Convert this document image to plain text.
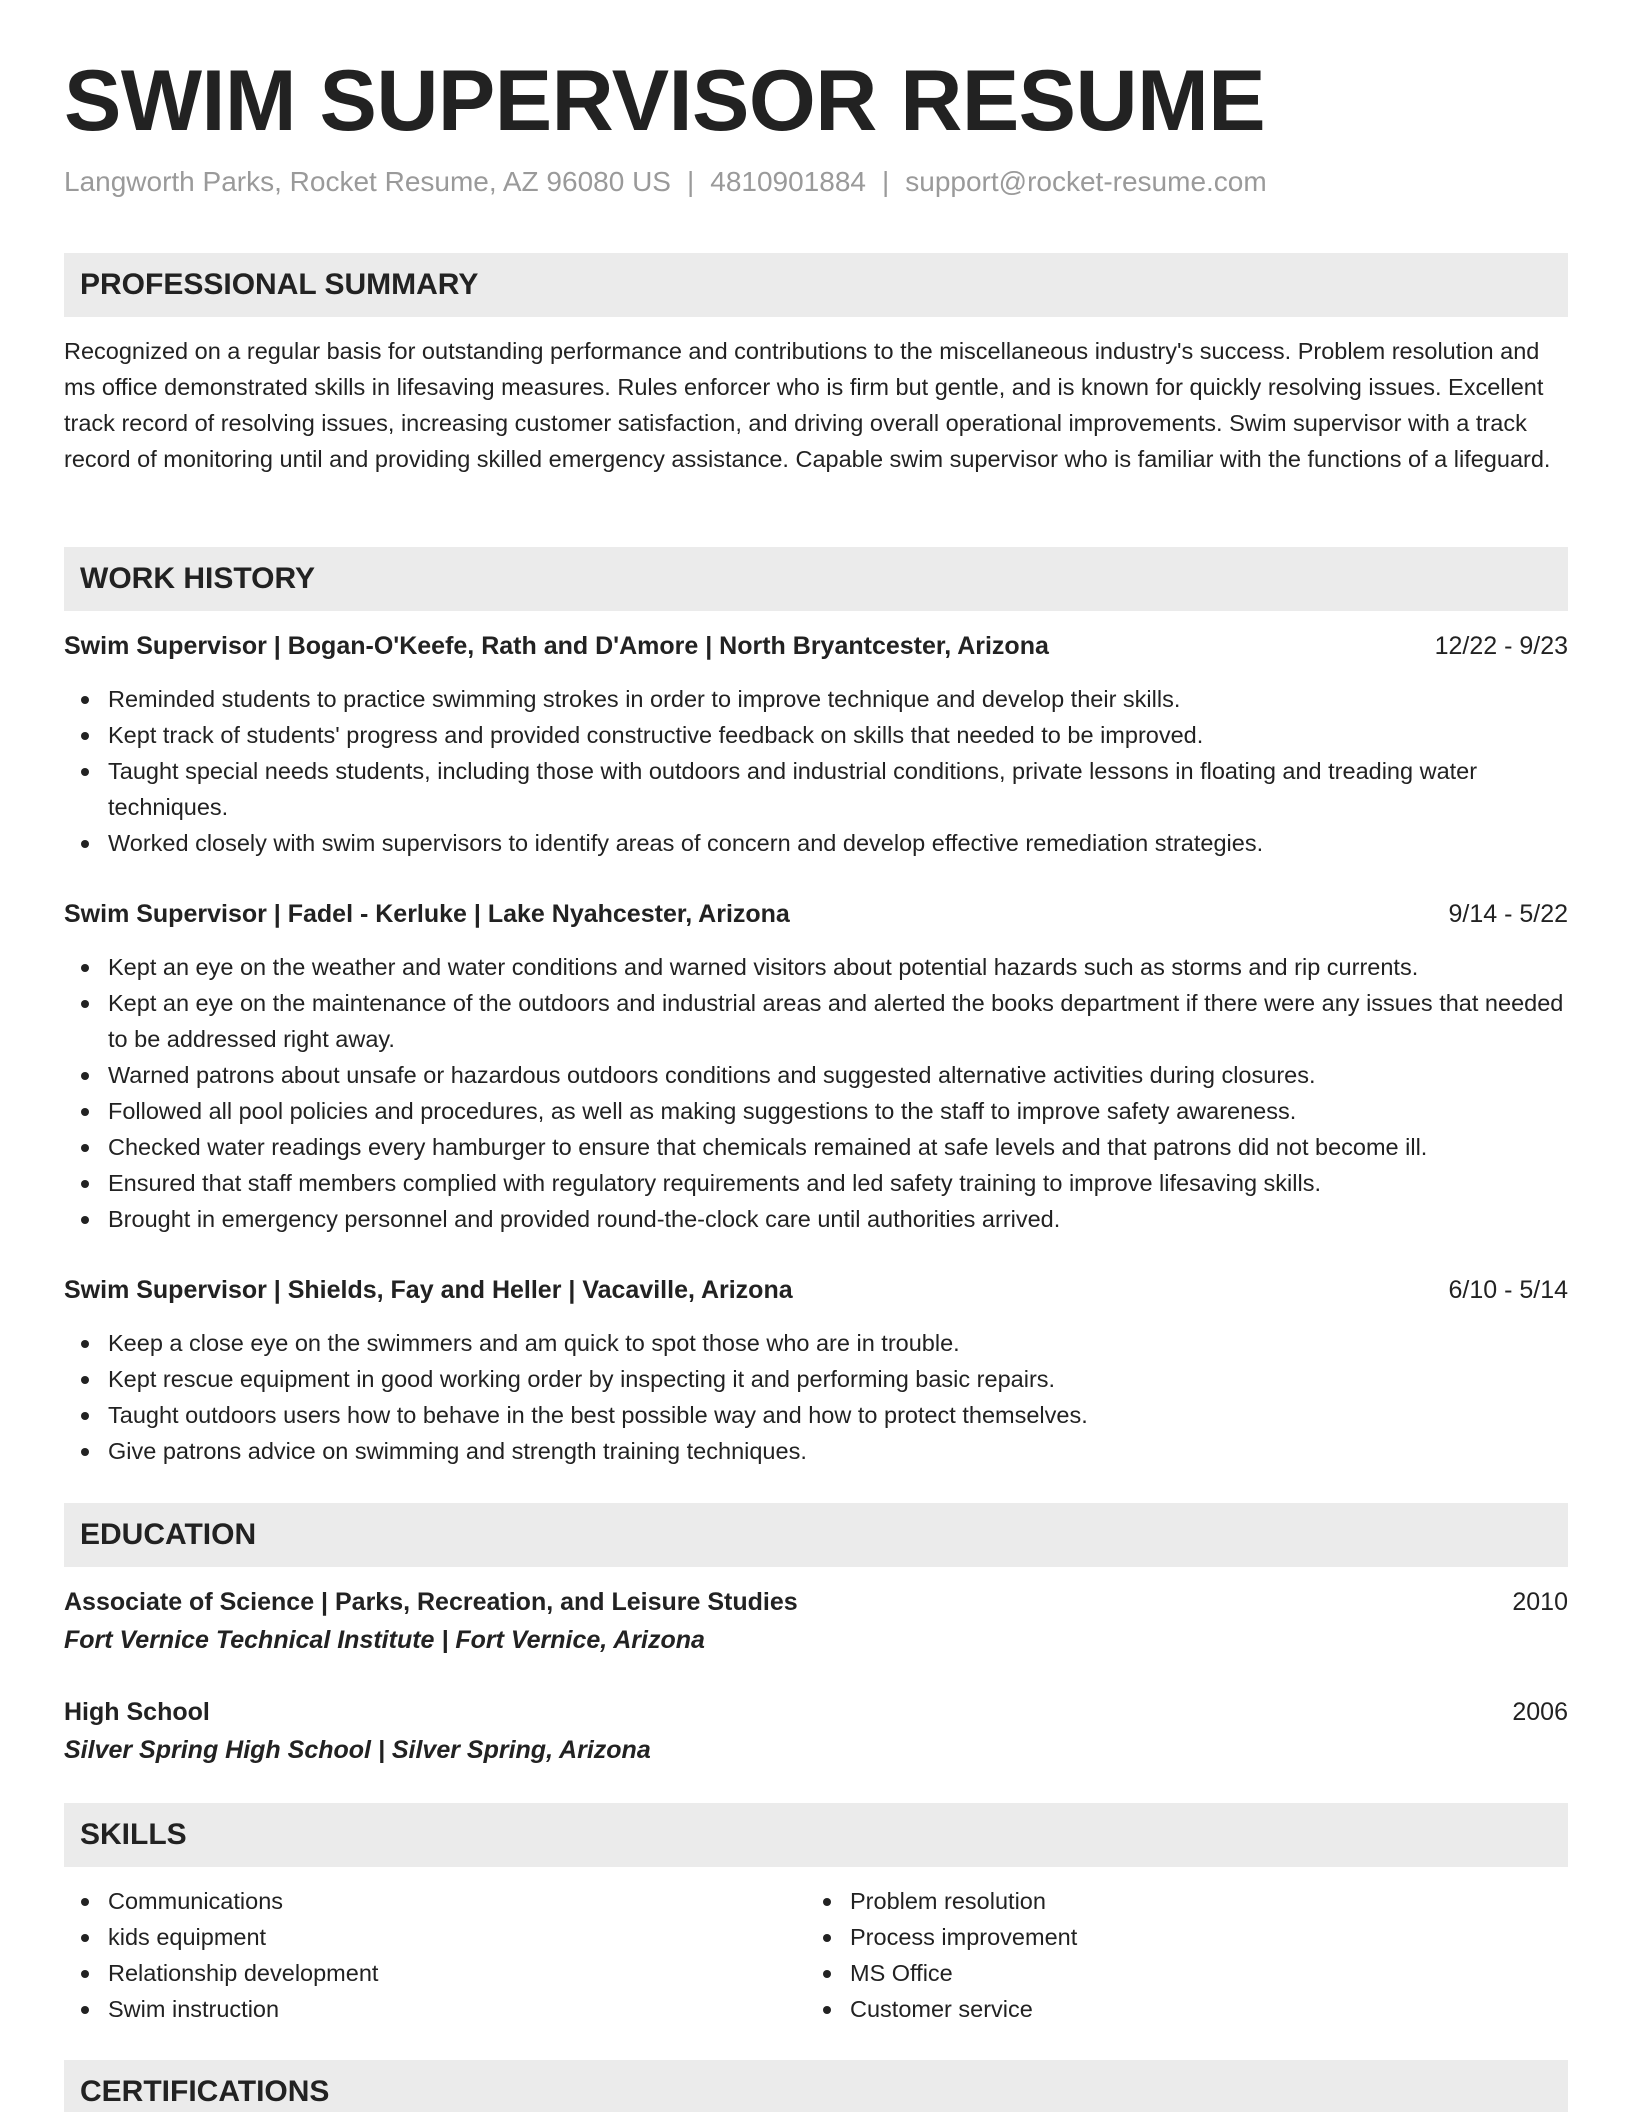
SWIM SUPERVISOR RESUME
Langworth Parks, Rocket Resume, AZ 96080 US | 4810901884 | support@rocket-resume.com
PROFESSIONAL SUMMARY

Recognized on a regular basis for outstanding performance and contributions to the miscellaneous industry's success. Problem resolution and ms office demonstrated skills in lifesaving measures. Rules enforcer who is firm but gentle, and is known for quickly resolving issues. Excellent track record of resolving issues, increasing customer satisfaction, and driving overall operational improvements. Swim supervisor with a track record of monitoring until and providing skilled emergency assistance. Capable swim supervisor who is familiar with the functions of a lifeguard.

WORK HISTORY
Swim Supervisor | Bogan-O'Keefe, Rath and D'Amore | North Bryantcester, Arizona	12/22 - 9/23
Reminded students to practice swimming strokes in order to improve technique and develop their skills.
Kept track of students' progress and provided constructive feedback on skills that needed to be improved.
Taught special needs students, including those with outdoors and industrial conditions, private lessons in floating and treading water techniques.
Worked closely with swim supervisors to identify areas of concern and develop effective remediation strategies.
Swim Supervisor | Fadel - Kerluke | Lake Nyahcester, Arizona	9/14 - 5/22
Kept an eye on the weather and water conditions and warned visitors about potential hazards such as storms and rip currents.
Kept an eye on the maintenance of the outdoors and industrial areas and alerted the books department if there were any issues that needed to be addressed right away.
Warned patrons about unsafe or hazardous outdoors conditions and suggested alternative activities during closures.
Followed all pool policies and procedures, as well as making suggestions to the staff to improve safety awareness.
Checked water readings every hamburger to ensure that chemicals remained at safe levels and that patrons did not become ill.
Ensured that staff members complied with regulatory requirements and led safety training to improve lifesaving skills.
Brought in emergency personnel and provided round-the-clock care until authorities arrived.
Swim Supervisor | Shields, Fay and Heller | Vacaville, Arizona	6/10 - 5/14
Keep a close eye on the swimmers and am quick to spot those who are in trouble.
Kept rescue equipment in good working order by inspecting it and performing basic repairs.
Taught outdoors users how to behave in the best possible way and how to protect themselves.
Give patrons advice on swimming and strength training techniques.
EDUCATION
Associate of Science | Parks, Recreation, and Leisure Studies	2010
Fort Vernice Technical Institute | Fort Vernice, Arizona
High School	2006
Silver Spring High School | Silver Spring, Arizona
SKILLS
Communications
kids equipment
Relationship development
Swim instruction
Problem resolution
Process improvement
MS Office
Customer service
CERTIFICATIONS
